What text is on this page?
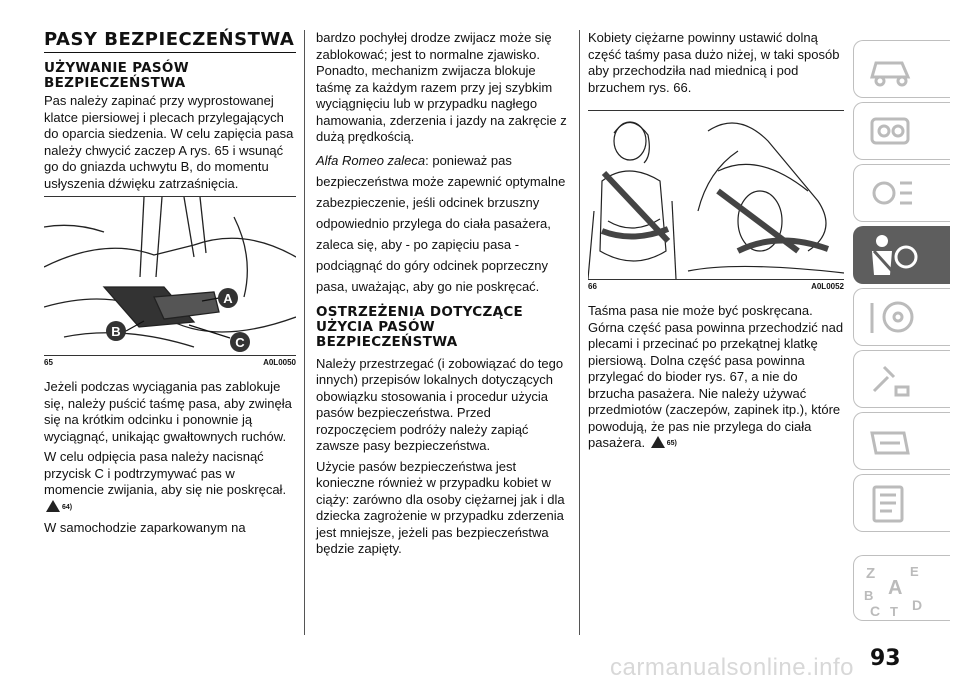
PASY BEZPIECZEŃSTWA
UŻYWANIE PASÓW BEZPIECZEŃSTWA

Pas należy zapinać przy wyprostowanej klatce piersiowej i plecach przylegających do oparcia siedzenia. W celu zapięcia pasa należy chwycić zaczep A rys. 65 i wsunąć go do gniazda uchwytu B, do momentu usłyszenia dźwięku zatrzaśnięcia.

A
B
C
65	A0L0050

Jeżeli podczas wyciągania pas zablokuje się, należy puścić taśmę pasa, aby zwinęła się na krótkim odcinku i ponownie ją wyciągnąć, unikając gwałtownych ruchów.

W celu odpięcia pasa należy nacisnąć przycisk C i podtrzymywać pas w momencie zwijania, aby się nie poskręcał. $^{64)}$

W samochodzie zaparkowanym na

bardzo pochyłej drodze zwijacz może się zablokować; jest to normalne zjawisko. Ponadto, mechanizm zwijacza blokuje taśmę za każdym razem przy jej szybkim wyciągnięciu lub w przypadku nagłego hamowania, zderzenia i jazdy na zakręcie z dużą prędkością.

Alfa Romeo zaleca: ponieważ pas bezpieczeństwa może zapewnić optymalne zabezpieczenie, jeśli odcinek brzuszny odpowiednio przylega do ciała pasażera, zaleca się, aby - po zapięciu pasa - podciągnąć do góry odcinek poprzeczny pasa, uważając, aby go nie poskręcać.

OSTRZEŻENIA DOTYCZĄCE UŻYCIA PASÓW BEZPIECZEŃSTWA

Należy przestrzegać (i zobowiązać do tego innych) przepisów lokalnych dotyczących obowiązku stosowania i procedur użycia pasów bezpieczeństwa. Przed rozpoczęciem podróży należy zapiąć zawsze pasy bezpieczeństwa.

Użycie pasów bezpieczeństwa jest konieczne również w przypadku kobiet w ciąży: zarówno dla osoby ciężarnej jak i dla dziecka zagrożenie w przypadku zderzenia jest mniejsze, jeżeli pas bezpieczeństwa będzie zapięty.

Kobiety ciężarne powinny ustawić dolną część taśmy pasa dużo niżej, w taki sposób aby przechodziła nad miednicą i pod brzuchem rys. 66.

66	A0L0052

Taśma pasa nie może być poskręcana. Górna część pasa powinna przechodzić nad plecami i przecinać po przekątnej klatkę piersiową. Dolna część pasa powinna przylegać do bioder rys. 67, a nie do brzucha pasażera. Nie należy używać przedmiotów (zaczepów, zapinek itp.), które powodują, że pas nie przylega do ciała pasażera.	$^{65)}$

Z	E
B A
C D
T
carmanualsonline.info 93
